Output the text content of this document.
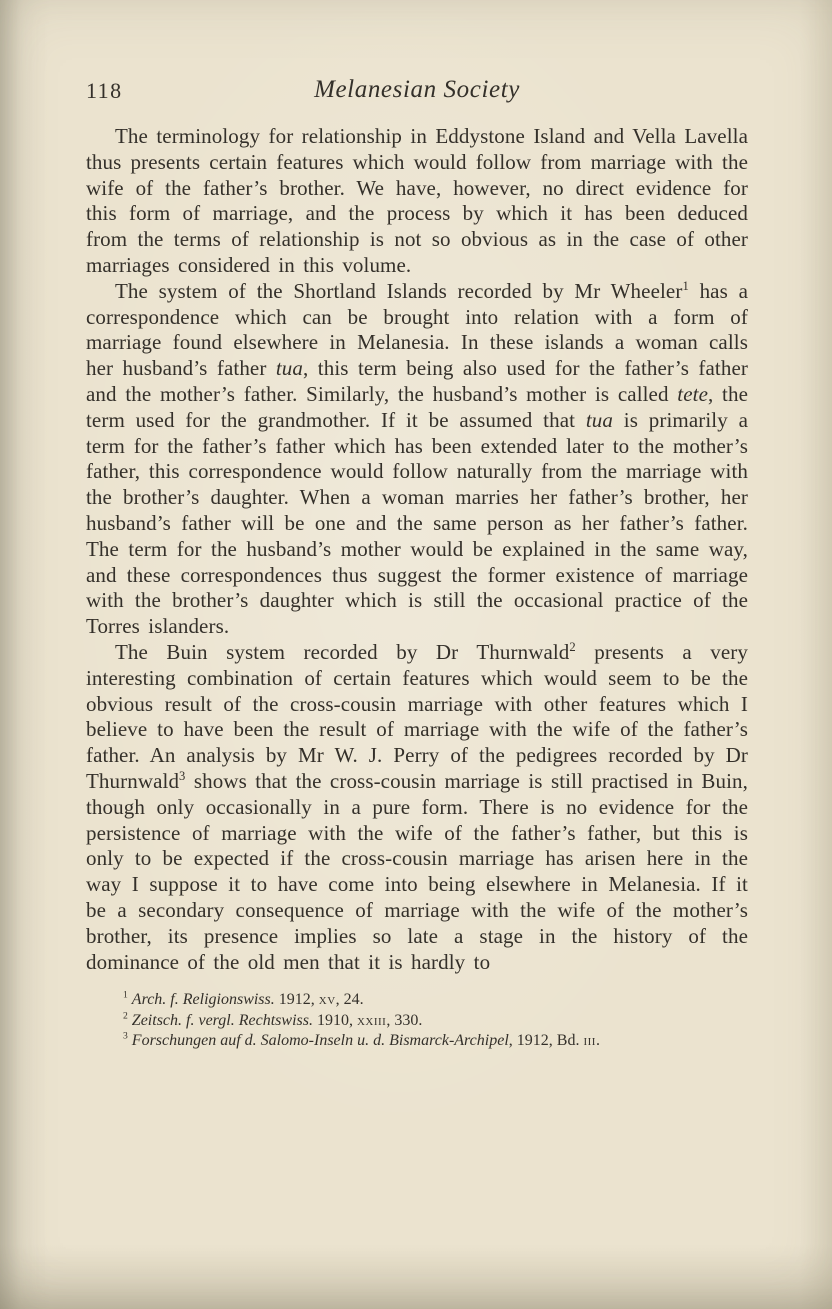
118	Melanesian Society

The terminology for relationship in Eddystone Island and Vella Lavella thus presents certain features which would follow from marriage with the wife of the father’s brother. We have, however, no direct evidence for this form of marriage, and the process by which it has been deduced from the terms of relationship is not so obvious as in the case of other marriages considered in this volume.

The system of the Shortland Islands recorded by Mr Wheeler$^1$ has a correspondence which can be brought into relation with a form of marriage found elsewhere in Melanesia. In these islands a woman calls her husband’s father tua, this term being also used for the father’s father and the mother’s father. Similarly, the husband’s mother is called tete, the term used for the grandmother. If it be assumed that tua is primarily a term for the father’s father which has been extended later to the mother’s father, this correspondence would follow naturally from the marriage with the brother’s daughter. When a woman marries her father’s brother, her husband’s father will be one and the same person as her father’s father. The term for the husband’s mother would be explained in the same way, and these correspondences thus suggest the former existence of marriage with the brother’s daughter which is still the occasional practice of the Torres islanders.

The Buin system recorded by Dr Thurnwald$^2$ presents a very interesting combination of certain features which would seem to be the obvious result of the cross-cousin marriage with other features which I believe to have been the result of marriage with the wife of the father’s father. An analysis by Mr W. J. Perry of the pedigrees recorded by Dr Thurnwald$^3$ shows that the cross-cousin marriage is still practised in Buin, though only occasionally in a pure form. There is no evidence for the persistence of marriage with the wife of the father’s father, but this is only to be expected if the cross-cousin marriage has arisen here in the way I suppose it to have come into being elsewhere in Melanesia. If it be a secondary consequence of marriage with the wife of the mother’s brother, its presence implies so late a stage in the history of the dominance of the old men that it is hardly to

$^1$ Arch. f. Religionswiss. 1912, xv, 24.
$^2$ Zeitsch. f. vergl. Rechtswiss. 1910, xxiii, 330.
$^3$ Forschungen auf d. Salomo-Inseln u. d. Bismarck-Archipel, 1912, Bd. iii.
